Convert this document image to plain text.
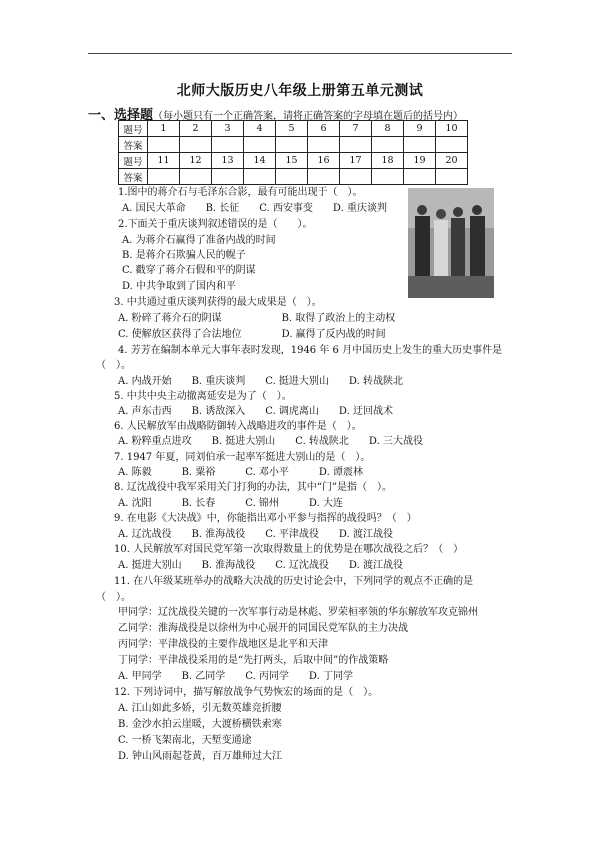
北师大版历史八年级上册第五单元测试
一、选择题（每小题只有一个正确答案，请将正确答案的字母填在题后的括号内）
题号	1	2	3	4	5	6	7	8	9	10
答案										
题号	11	12	13	14	15	16	17	18	19	20
答案										
1.图中的蒋介石与毛泽东合影，最有可能出现于（　）。
A. 国民大革命　　B. 长征　　C. 西安事变　　D. 重庆谈判
2.下面关于重庆谈判叙述错误的是（　　）。
A. 为蒋介石赢得了准备内战的时间
B. 是蒋介石欺骗人民的幌子
C. 戳穿了蒋介石假和平的阴谋
D. 中共争取到了国内和平
3. 中共通过重庆谈判获得的最大成果是（　）。
A. 粉碎了蒋介石的阴谋　　　　　　B. 取得了政治上的主动权
C. 使解放区获得了合法地位　　　　D. 赢得了反内战的时间
4. 芳芳在编制本单元大事年表时发现，1946 年 6 月中国历史上发生的重大历史事件是
（　）。
A. 内战开始　　B. 重庆谈判　　C. 挺进大别山　　D. 转战陕北
5. 中共中央主动撤离延安是为了（　）。
A. 声东击西　　B. 诱敌深入　　C. 调虎离山　　D. 迂回战术
6. 人民解放军由战略防御转入战略进攻的事件是（　）。
A. 粉粹重点进攻　　B. 挺进大别山　　C. 转战陕北　　D. 三大战役
7. 1947 年夏，同刘伯承一起率军挺进大别山的是（　）。
A. 陈毅　　　B. 粟裕　　　C. 邓小平　　　D. 谭震林
8. 辽沈战役中我军采用关门打狗的办法，其中“门”是指（　）。
A. 沈阳　　　B. 长春　　　C. 锦州　　　D. 大连
9. 在电影《大决战》中，你能指出邓小平参与指挥的战役吗？（　）
A. 辽沈战役　　B. 淮海战役　　C. 平津战役　　D. 渡江战役
10. 人民解放军对国民党军第一次取得数量上的优势是在哪次战役之后？（　）
A. 挺进大别山　　B. 淮海战役　　C. 辽沈战役　　D. 渡江战役
11. 在八年级某班举办的战略大决战的历史讨论会中，下列同学的观点不正确的是
（　）。
甲同学：辽沈战役关键的一次军事行动是林彪、罗荣桓率领的华东解放军攻克锦州
乙同学：淮海战役是以徐州为中心展开的同国民党军队的主力决战
丙同学：平津战役的主要作战地区是北平和天津
丁同学：平津战役采用的是“先打两头，后取中间”的作战策略
A. 甲同学　　B. 乙同学　　C. 丙同学　　D. 丁同学
12. 下列诗词中，描写解放战争气势恢宏的场面的是（　）。
A. 江山如此多娇，引无数英雄竞折腰
B. 金沙水拍云崖暖，大渡桥横铁索寒
C. 一桥飞架南北，天堑变通途
D. 钟山风雨起苍黄，百万雄师过大江
